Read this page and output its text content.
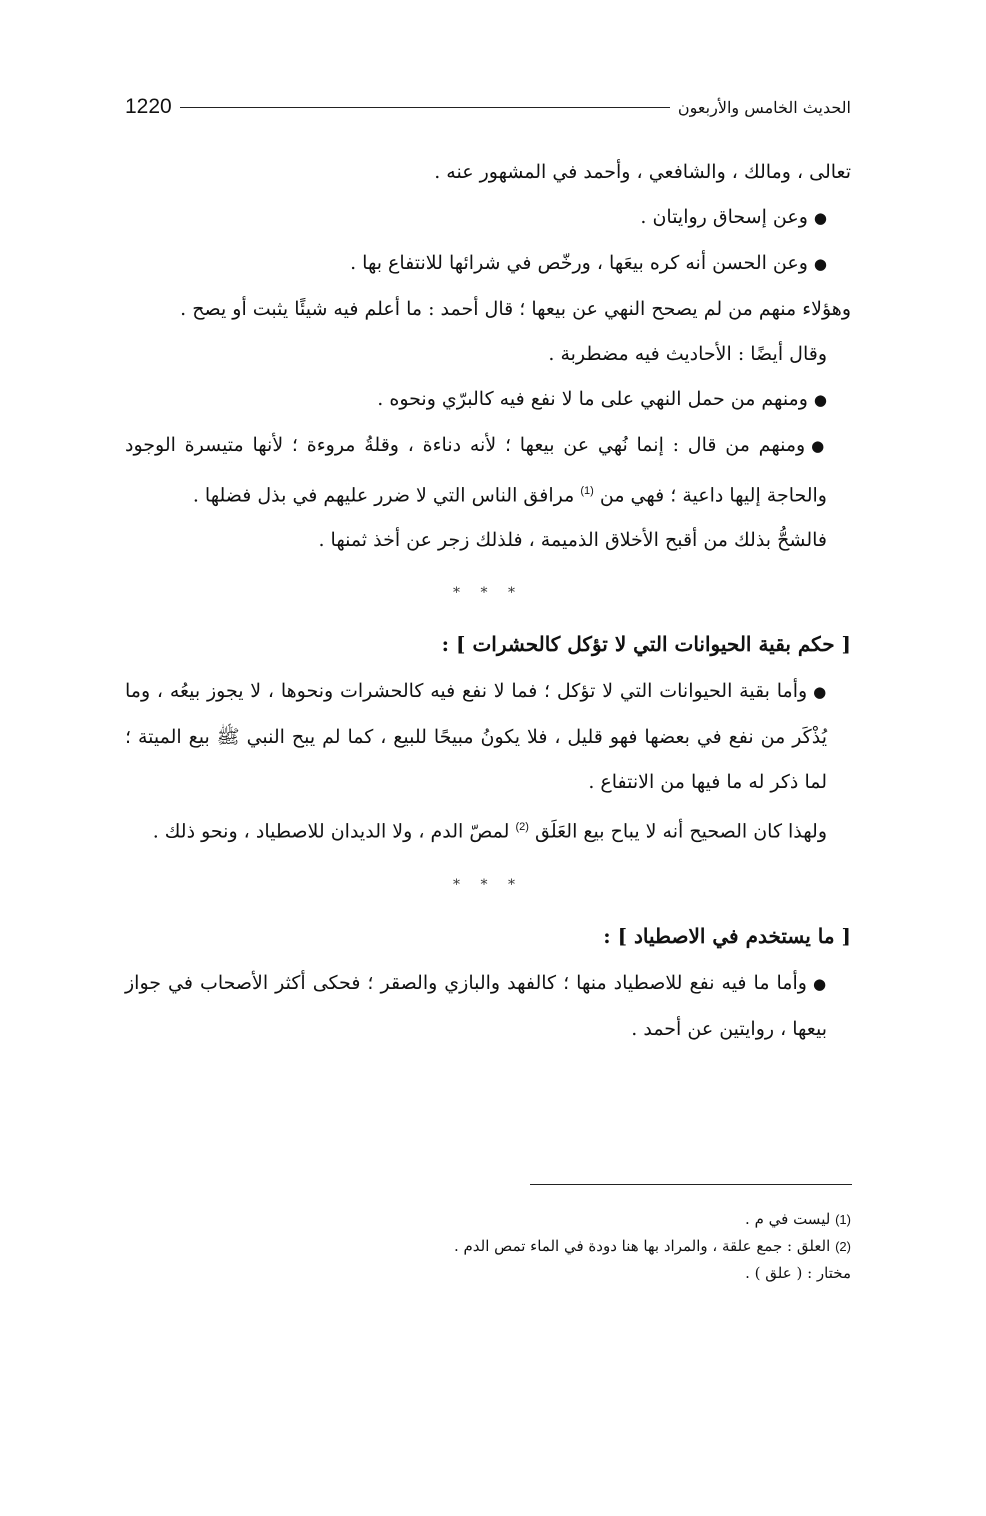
1220	الحديث الخامس والأربعون

تعالى ، ومالك ، والشافعي ، وأحمد في المشهور عنه .

●وعن إسحاق روايتان .

●وعن الحسن أنه كره بيعَها ، ورخّص في شرائها للانتفاع بها .

وهؤلاء منهم من لم يصحح النهي عن بيعها ؛ قال أحمد : ما أعلم فيه شيئًا يثبت أو يصح .

وقال أيضًا : الأحاديث فيه مضطربة .

●ومنهم من حمل النهي على ما لا نفع فيه كالبرّي ونحوه .

●ومنهم من قال : إنما نُهي عن بيعها ؛ لأنه دناءة ، وقلةُ مروءة ؛ لأنها متيسرة الوجود والحاجة إليها داعية ؛ فهي من $^{(1)}$ مرافق الناس التي لا ضرر عليهم في بذل فضلها .

فالشحُّ بذلك من أقبح الأخلاق الذميمة ، فلذلك زجر عن أخذ ثمنها .

* * *

[ حكم بقية الحيوانات التي لا تؤكل كالحشرات ] :

●وأما بقية الحيوانات التي لا تؤكل ؛ فما لا نفع فيه كالحشرات ونحوها ، لا يجوز بيعُه ، وما يُذْكَر من نفع في بعضها فهو قليل ، فلا يكونُ مبيحًا للبيع ، كما لم يبح النبي ﷺ بيع الميتة ؛ لما ذكر له ما فيها من الانتفاع .

ولهذا كان الصحيح أنه لا يباح بيع العَلَق $^{(2)}$ لمصّ الدم ، ولا الديدان للاصطياد ، ونحو ذلك .

* * *

[ ما يستخدم في الاصطياد ] :

●وأما ما فيه نفع للاصطياد منها ؛ كالفهد والبازي والصقر ؛ فحكى أكثر الأصحاب في جواز بيعها ، روايتين عن أحمد .

(1) ليست في م .

(2) العلق : جمع علقة ، والمراد بها هنا دودة في الماء تمص الدم .

مختار : ( علق ) .
